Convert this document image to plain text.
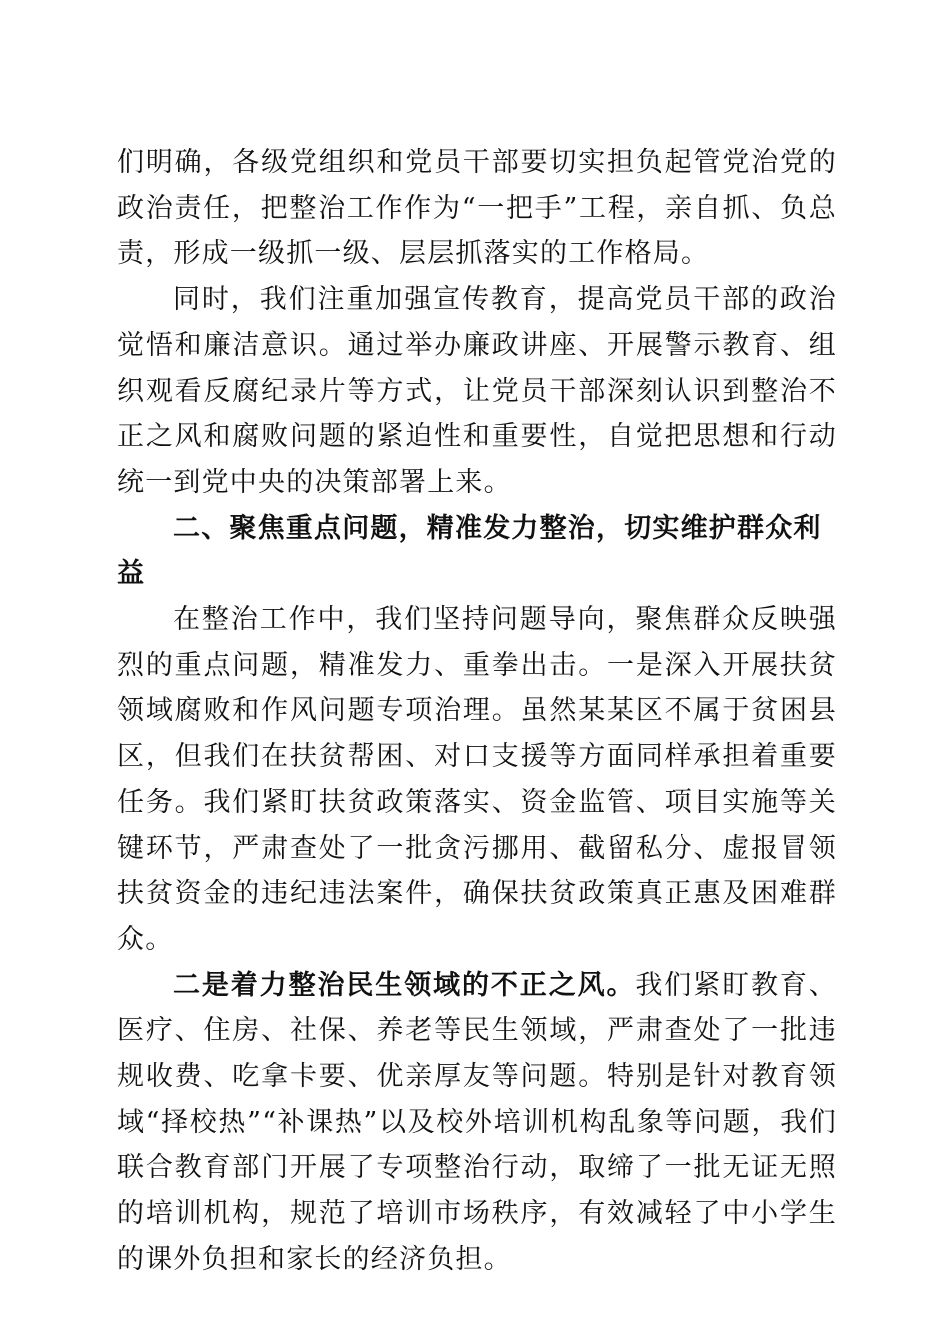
们明确，各级党组织和党员干部要切实担负起管党治党的政治责任，把整治工作作为“一把手”工程，亲自抓、负总责，形成一级抓一级、层层抓落实的工作格局。

同时，我们注重加强宣传教育，提高党员干部的政治觉悟和廉洁意识。通过举办廉政讲座、开展警示教育、组织观看反腐纪录片等方式，让党员干部深刻认识到整治不正之风和腐败问题的紧迫性和重要性，自觉把思想和行动统一到党中央的决策部署上来。

二、聚焦重点问题，精准发力整治，切实维护群众利益

在整治工作中，我们坚持问题导向，聚焦群众反映强烈的重点问题，精准发力、重拳出击。一是深入开展扶贫领域腐败和作风问题专项治理。虽然某某区不属于贫困县区，但我们在扶贫帮困、对口支援等方面同样承担着重要任务。我们紧盯扶贫政策落实、资金监管、项目实施等关键环节，严肃查处了一批贪污挪用、截留私分、虚报冒领扶贫资金的违纪违法案件，确保扶贫政策真正惠及困难群众。

二是着力整治民生领域的不正之风。我们紧盯教育、医疗、住房、社保、养老等民生领域，严肃查处了一批违规收费、吃拿卡要、优亲厚友等问题。特别是针对教育领域“择校热”“补课热”以及校外培训机构乱象等问题，我们联合教育部门开展了专项整治行动，取缔了一批无证无照的培训机构，规范了培训市场秩序，有效减轻了中小学生的课外负担和家长的经济负担。
